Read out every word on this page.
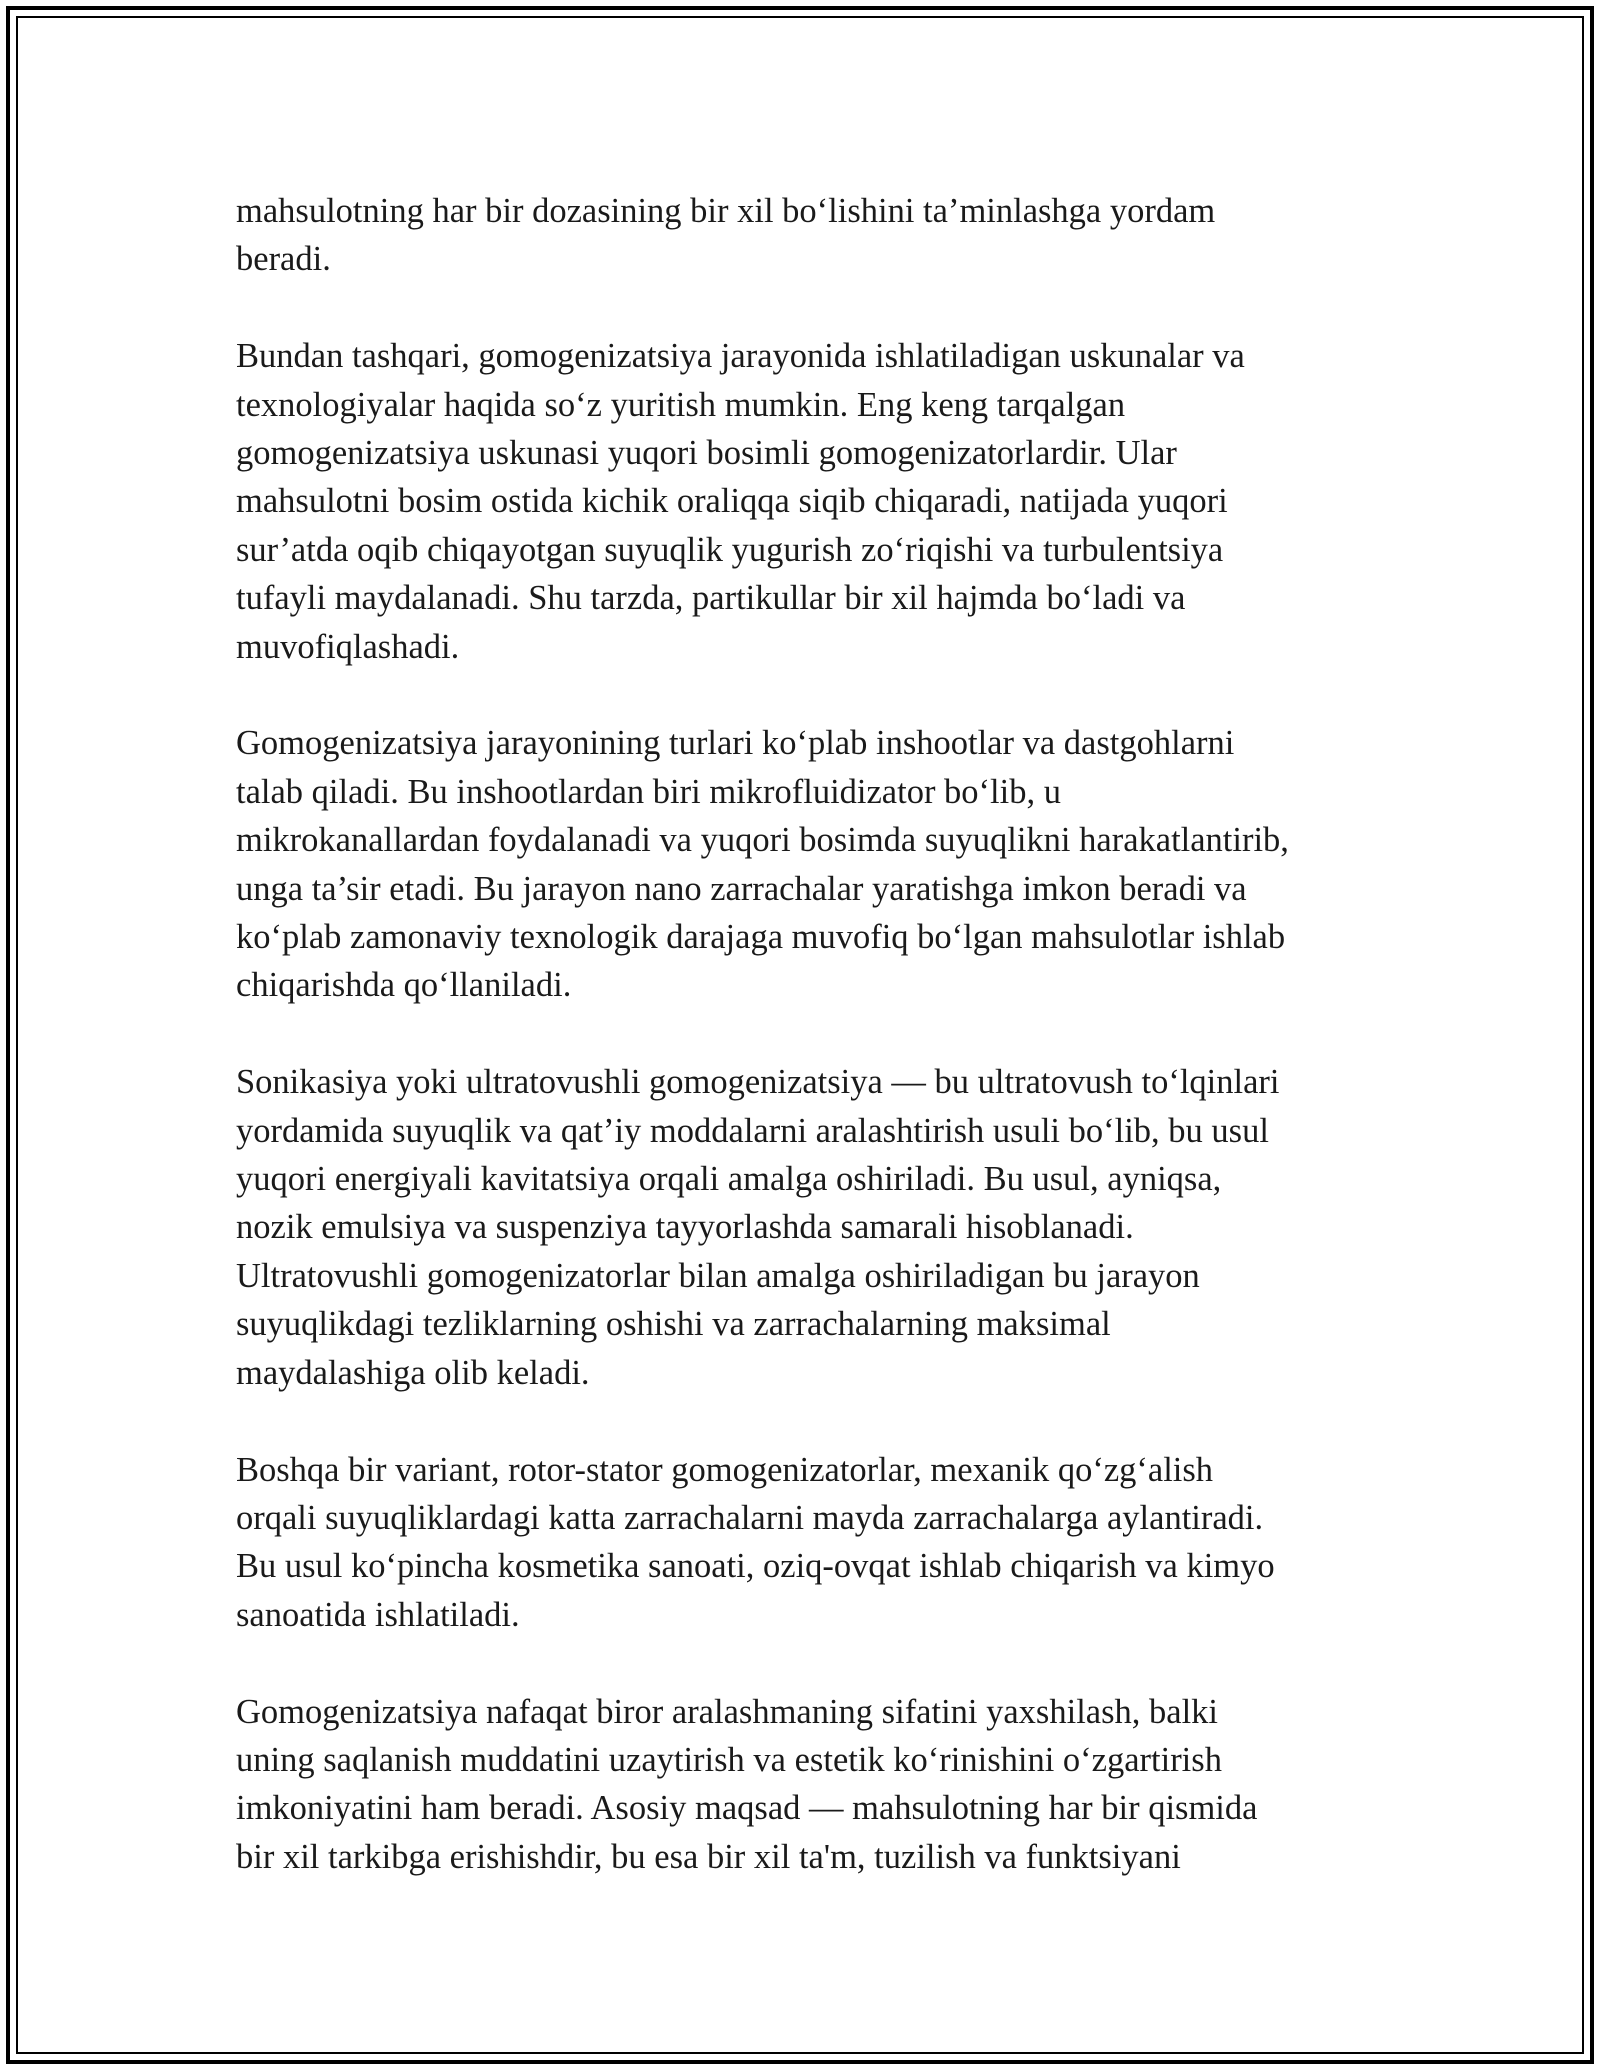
mahsulotning har bir dozasining bir xil bo‘lishini ta’minlashga yordam
beradi.

Bundan tashqari, gomogenizatsiya jarayonida ishlatiladigan uskunalar va
texnologiyalar haqida so‘z yuritish mumkin. Eng keng tarqalgan
gomogenizatsiya uskunasi yuqori bosimli gomogenizatorlardir. Ular
mahsulotni bosim ostida kichik oraliqqa siqib chiqaradi, natijada yuqori
sur’atda oqib chiqayotgan suyuqlik yugurish zo‘riqishi va turbulentsiya
tufayli maydalanadi. Shu tarzda, partikullar bir xil hajmda bo‘ladi va
muvofiqlashadi.

Gomogenizatsiya jarayonining turlari ko‘plab inshootlar va dastgohlarni
talab qiladi. Bu inshootlardan biri mikrofluidizator bo‘lib, u
mikrokanallardan foydalanadi va yuqori bosimda suyuqlikni harakatlantirib,
unga ta’sir etadi. Bu jarayon nano zarrachalar yaratishga imkon beradi va
ko‘plab zamonaviy texnologik darajaga muvofiq bo‘lgan mahsulotlar ishlab
chiqarishda qo‘llaniladi.

Sonikasiya yoki ultratovushli gomogenizatsiya — bu ultratovush to‘lqinlari
yordamida suyuqlik va qat’iy moddalarni aralashtirish usuli bo‘lib, bu usul
yuqori energiyali kavitatsiya orqali amalga oshiriladi. Bu usul, ayniqsa,
nozik emulsiya va suspenziya tayyorlashda samarali hisoblanadi.
Ultratovushli gomogenizatorlar bilan amalga oshiriladigan bu jarayon
suyuqlikdagi tezliklarning oshishi va zarrachalarning maksimal
maydalashiga olib keladi.

Boshqa bir variant, rotor-stator gomogenizatorlar, mexanik qo‘zg‘alish
orqali suyuqliklardagi katta zarrachalarni mayda zarrachalarga aylantiradi.
Bu usul ko‘pincha kosmetika sanoati, oziq-ovqat ishlab chiqarish va kimyo
sanoatida ishlatiladi.

Gomogenizatsiya nafaqat biror aralashmaning sifatini yaxshilash, balki
uning saqlanish muddatini uzaytirish va estetik ko‘rinishini o‘zgartirish
imkoniyatini ham beradi. Asosiy maqsad — mahsulotning har bir qismida
bir xil tarkibga erishishdir, bu esa bir xil ta'm, tuzilish va funktsiyani
